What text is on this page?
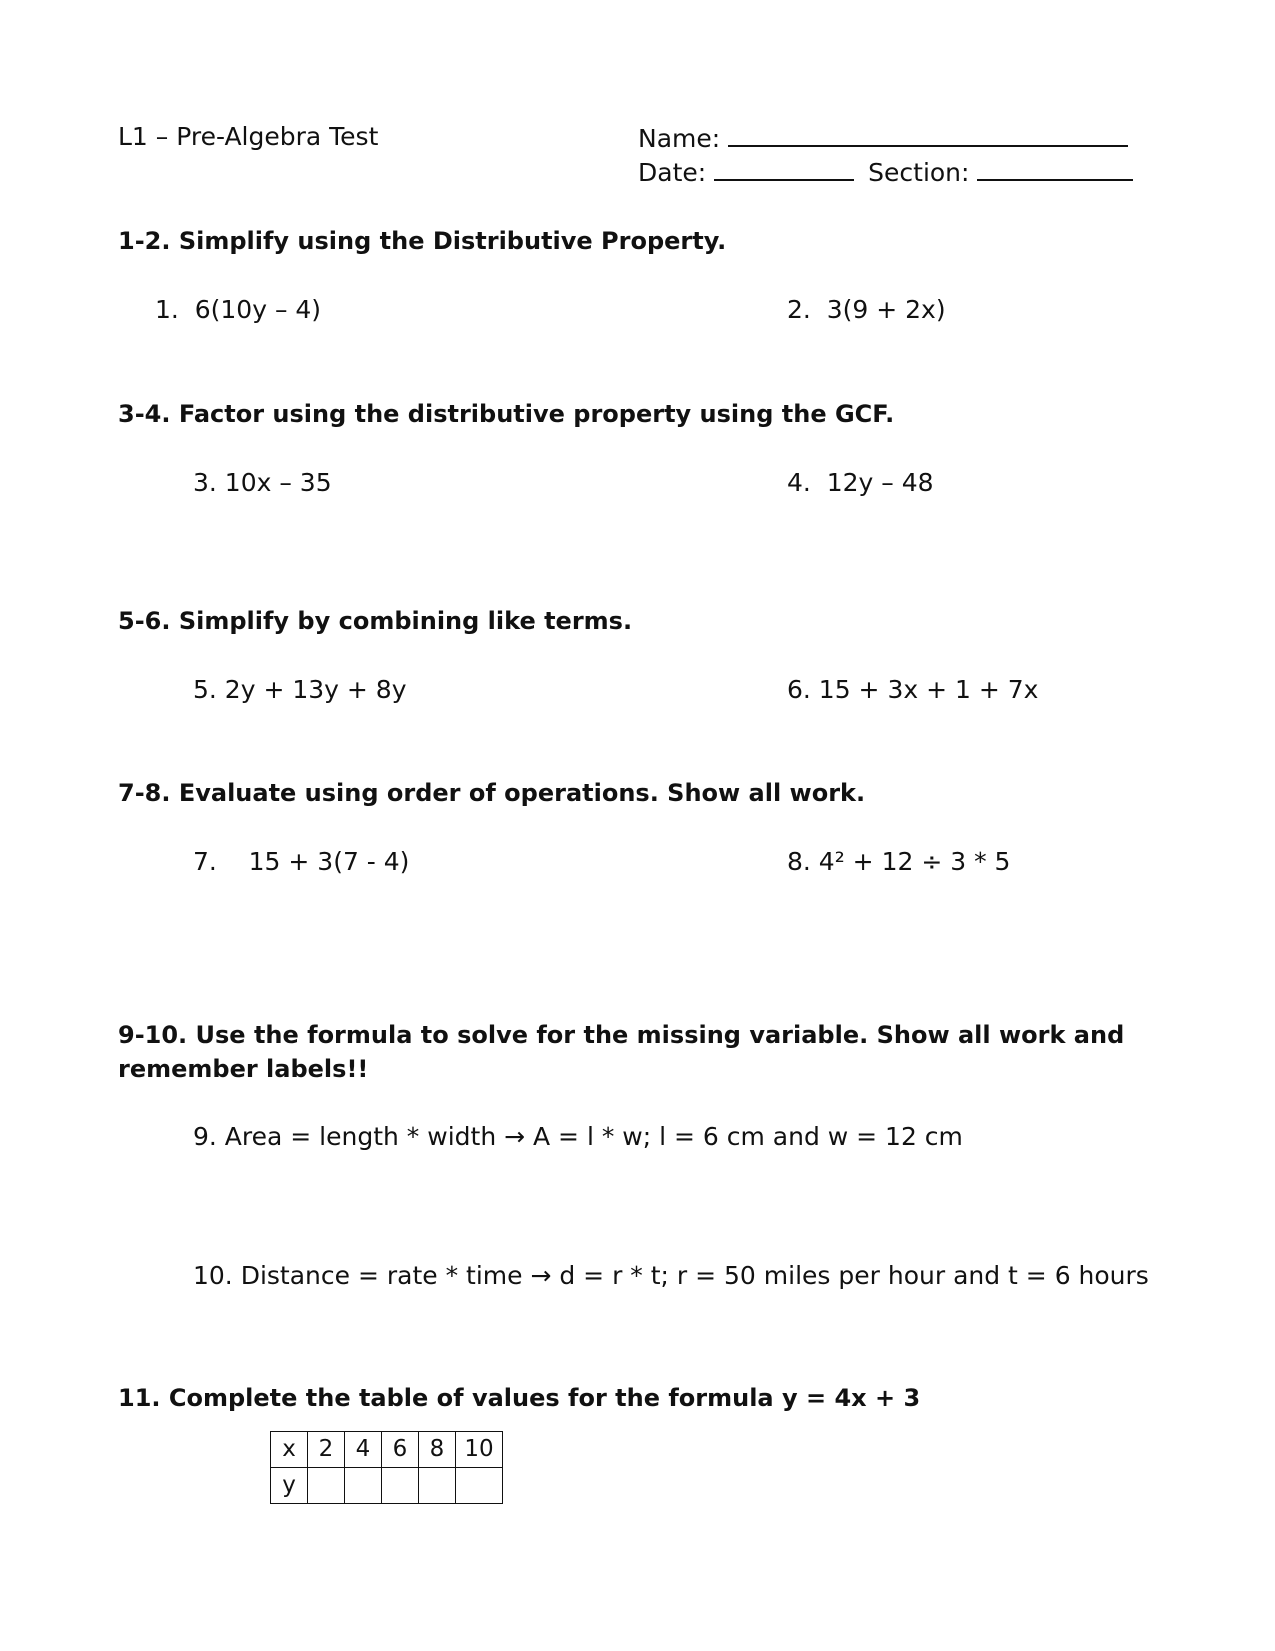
L1 – Pre-Algebra Test	Name:
Date:	Section:
1-2. Simplify using the Distributive Property.
1.  6(10y – 4)	2.  3(9 + 2x)
3-4. Factor using the distributive property using the GCF.
3. 10x – 35	4.  12y – 48
5-6. Simplify by combining like terms.
5. 2y + 13y + 8y	6. 15 + 3x + 1 + 7x
7-8. Evaluate using order of operations. Show all work.
7.    15 + 3(7 - 4)	8. 4² + 12 ÷ 3 * 5
9-10. Use the formula to solve for the missing variable. Show all work and
remember labels!!
9. Area = length * width → A = l * w; l = 6 cm and w = 12 cm
10. Distance = rate * time → d = r * t; r = 50 miles per hour and t = 6 hours
11. Complete the table of values for the formula y = 4x + 3
x	2	4	6	8	10
y					
